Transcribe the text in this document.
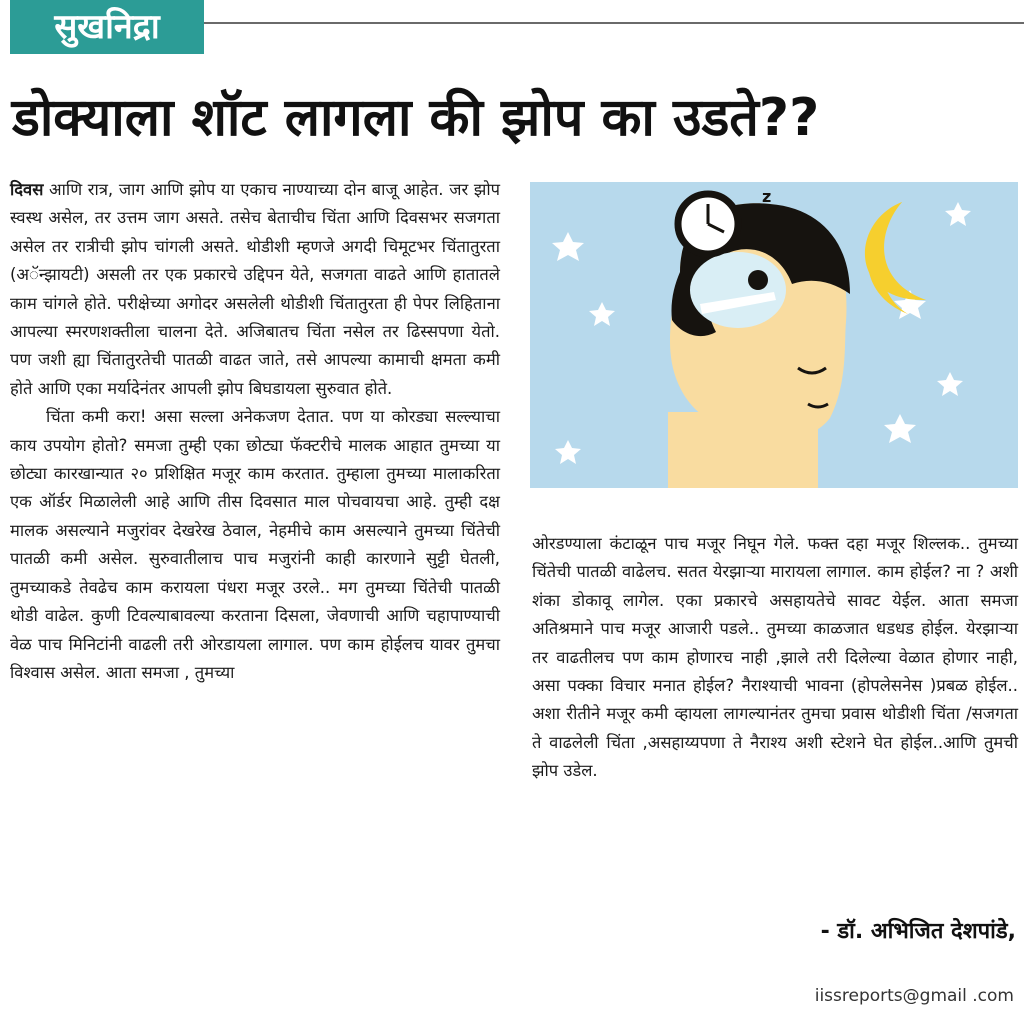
सुखनिद्रा
डोक्याला शॉट लागला की झोप का उडते??

दिवस आणि रात्र, जाग आणि झोप या एकाच नाण्याच्या दोन बाजू आहेत. जर झोप स्वस्थ असेल, तर उत्तम जाग असते. तसेच बेताचीच चिंता आणि दिवसभर सजगता असेल तर रात्रीची झोप चांगली असते. थोडीशी म्हणजे अगदी चिमूटभर चिंतातुरता (अॅन्झायटी) असली तर एक प्रकारचे उद्दिपन येते, सजगता वाढते आणि हातातले काम चांगले होते. परीक्षेच्या अगोदर असलेली थोडीशी चिंतातुरता ही पेपर लिहिताना आपल्या स्मरणशक्तीला चालना देते. अजिबातच चिंता नसेल तर ढिस्सपणा येतो. पण जशी ह्या चिंतातुरतेची पातळी वाढत जाते, तसे आपल्या कामाची क्षमता कमी होते आणि एका मर्यादेनंतर आपली झोप बिघडायला सुरुवात होते.

चिंता कमी करा! असा सल्ला अनेकजण देतात. पण या कोरड्या सल्ल्याचा काय उपयोग होतो? समजा तुम्ही एका छोट्या फॅक्टरीचे मालक आहात तुमच्या या छोट्या कारखान्यात २० प्रशिक्षित मजूर काम करतात. तुम्हाला तुमच्या मालाकरिता एक ऑर्डर मिळालेली आहे आणि तीस दिवसात माल पोचवायचा आहे. तुम्ही दक्ष मालक असल्याने मजुरांवर देखरेख ठेवाल, नेहमीचे काम असल्याने तुमच्या चिंतेची पातळी कमी असेल. सुरुवातीलाच पाच मजुरांनी काही कारणाने सुट्टी घेतली, तुमच्याकडे तेवढेच काम करायला पंधरा मजूर उरले.. मग तुमच्या चिंतेची पातळी थोडी वाढेल. कुणी टिवल्याबावल्या करताना दिसला, जेवणाची आणि चहापाण्याची वेळ पाच मिनिटांनी वाढली तरी ओरडायला लागाल. पण काम होईलच यावर तुमचा विश्वास असेल. आता समजा , तुमच्या

z

ओरडण्याला कंटाळून पाच मजूर निघून गेले. फक्त दहा मजूर शिल्लक.. तुमच्या चिंतेची पातळी वाढेलच. सतत येरझाऱ्या मारायला लागाल. काम होईल? ना ? अशी शंका डोकावू लागेल. एका प्रकारचे असहायतेचे सावट येईल. आता समजा अतिश्रमाने पाच मजूर आजारी पडले.. तुमच्या काळजात धडधड होईल. येरझाऱ्या तर वाढतीलच पण काम होणारच नाही ,झाले तरी दिलेल्या वेळात होणार नाही, असा पक्का विचार मनात होईल? नैराश्याची भावना (होपलेसनेस )प्रबळ होईल.. अशा रीतीने मजूर कमी व्हायला लागल्यानंतर तुमचा प्रवास थोडीशी चिंता /सजगता ते वाढलेली चिंता ,असहाय्यपणा ते नैराश्य अशी स्टेशने घेत होईल..आणि तुमची झोप उडेल.

- डॉ. अभिजित देशपांडे,
iissreports@gmail .com
